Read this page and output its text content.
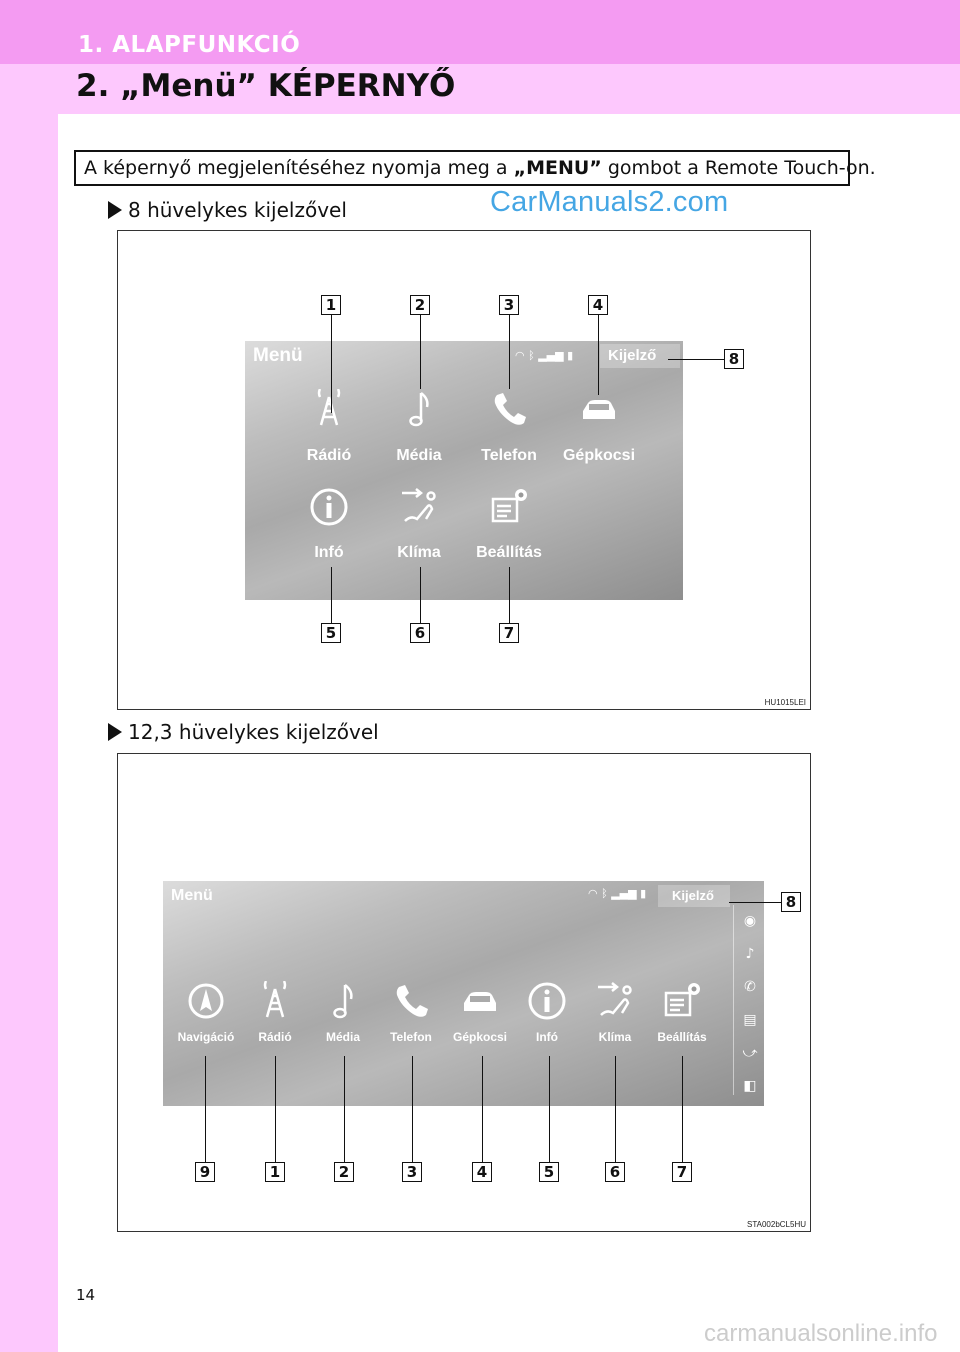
1. ALAPFUNKCIÓ
2. „Menü” KÉPERNYŐ
A képernyő megjelenítéséhez nyomja meg a „MENU” gombot a Remote Touch-on.
8 hüvelykes kijelzővel	CarManuals2.com
Menü	◠ ᛒ ▂▄▆ ▮	Kijelző
Rádió	Média	Telefon	Gépkocsi
Infó	Klíma	Beállítás
1	2	3	4
8
5	6	7
HU1015LEI
12,3 hüvelykes kijelzővel
Menü	◠ ᛒ ▂▄▆ ▮	Kijelző
◉
♪
✆
▤
⤻
◧
Navigáció	Rádió	Média	Telefon	Gépkocsi	Infó	Klíma	Beállítás
8
9	1	2	3	4	5	6	7
STA002bCL5HU
14
carmanualsonline.info
